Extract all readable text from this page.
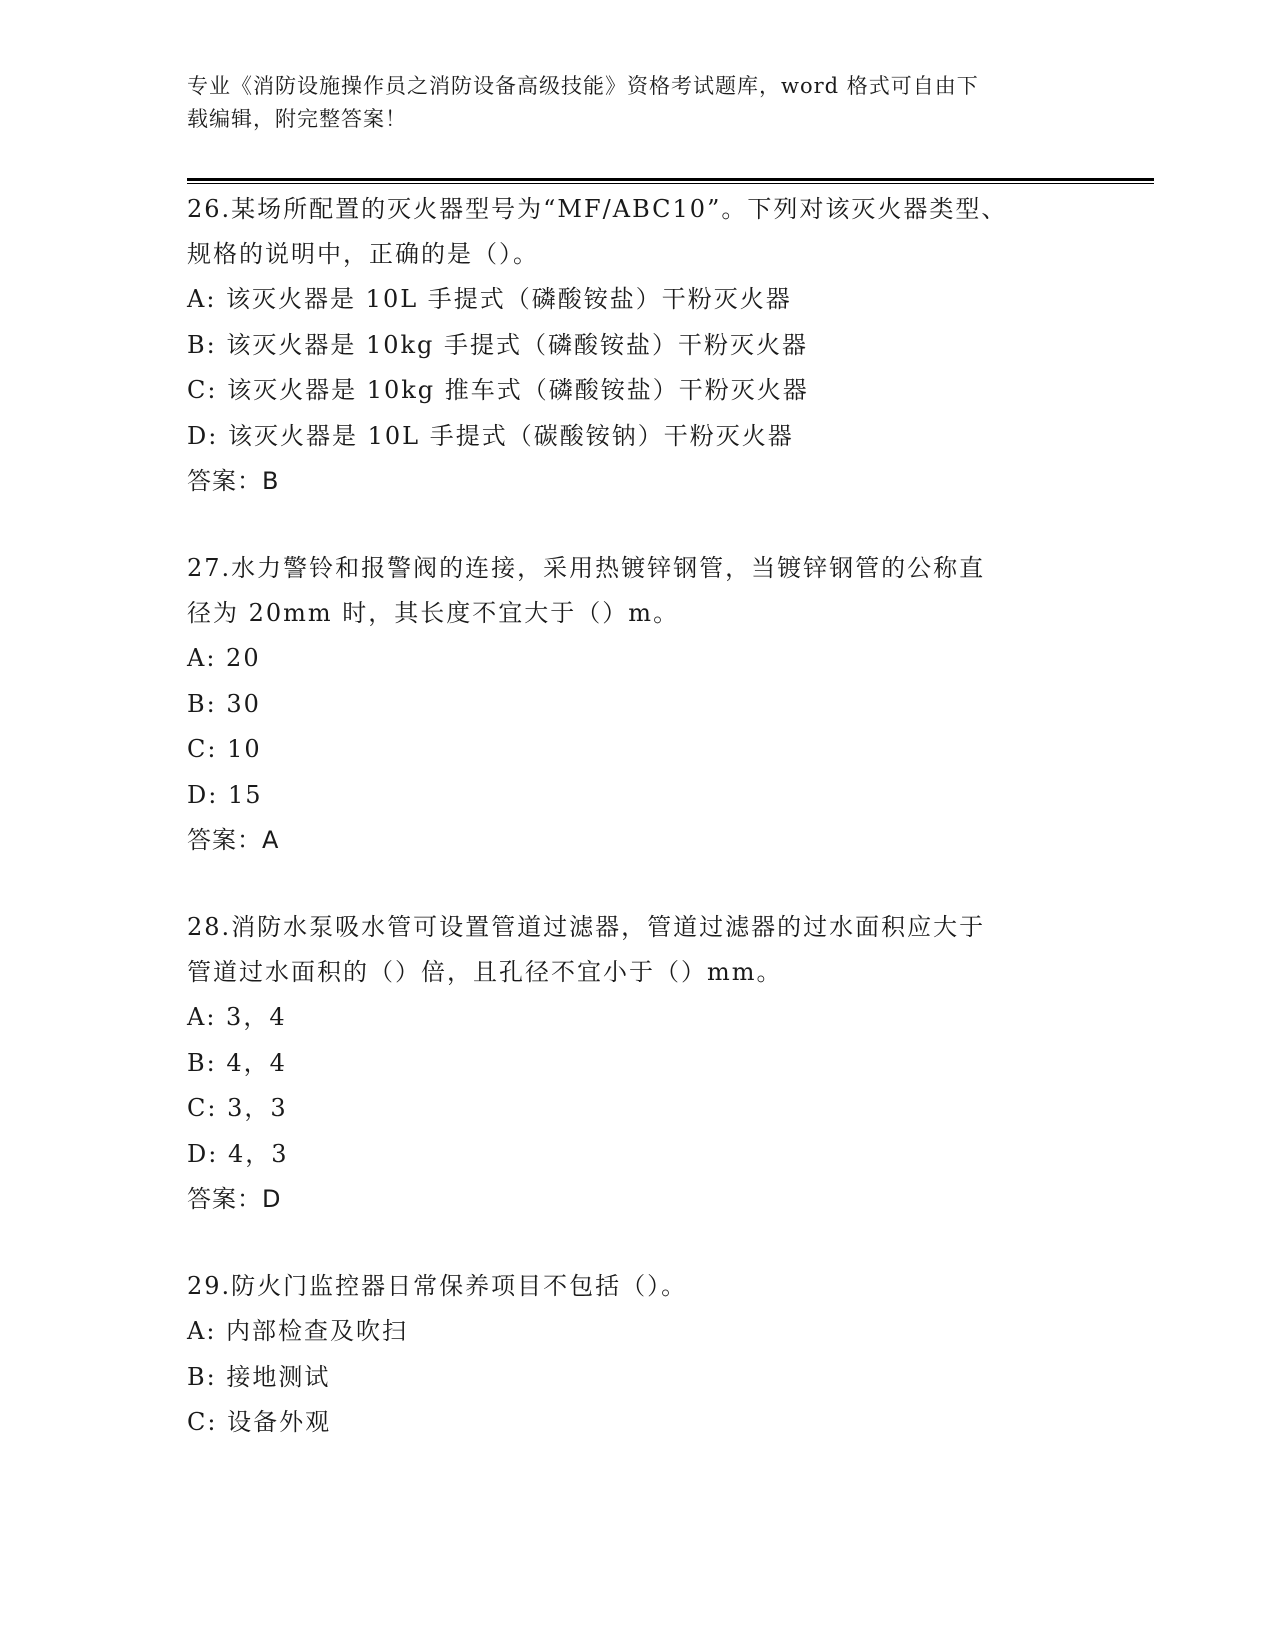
专业《消防设施操作员之消防设备高级技能》资格考试题库，word 格式可自由下
载编辑，附完整答案！

26.某场所配置的灭火器型号为“MF/ABC10”。下列对该灭火器类型、

规格的说明中，正确的是（）。

A: 该灭火器是 10L 手提式（磷酸铵盐）干粉灭火器

B: 该灭火器是 10kg 手提式（磷酸铵盐）干粉灭火器

C: 该灭火器是 10kg 推车式（磷酸铵盐）干粉灭火器

D: 该灭火器是 10L 手提式（碳酸铵钠）干粉灭火器

答案：B

27.水力警铃和报警阀的连接，采用热镀锌钢管，当镀锌钢管的公称直

径为 20mm 时，其长度不宜大于（）m。

A: 20

B: 30

C: 10

D: 15

答案：A

28.消防水泵吸水管可设置管道过滤器，管道过滤器的过水面积应大于

管道过水面积的（）倍，且孔径不宜小于（）mm。

A: 3，4

B: 4，4

C: 3，3

D: 4，3

答案：D

29.防火门监控器日常保养项目不包括（）。

A: 内部检查及吹扫

B: 接地测试

C: 设备外观
